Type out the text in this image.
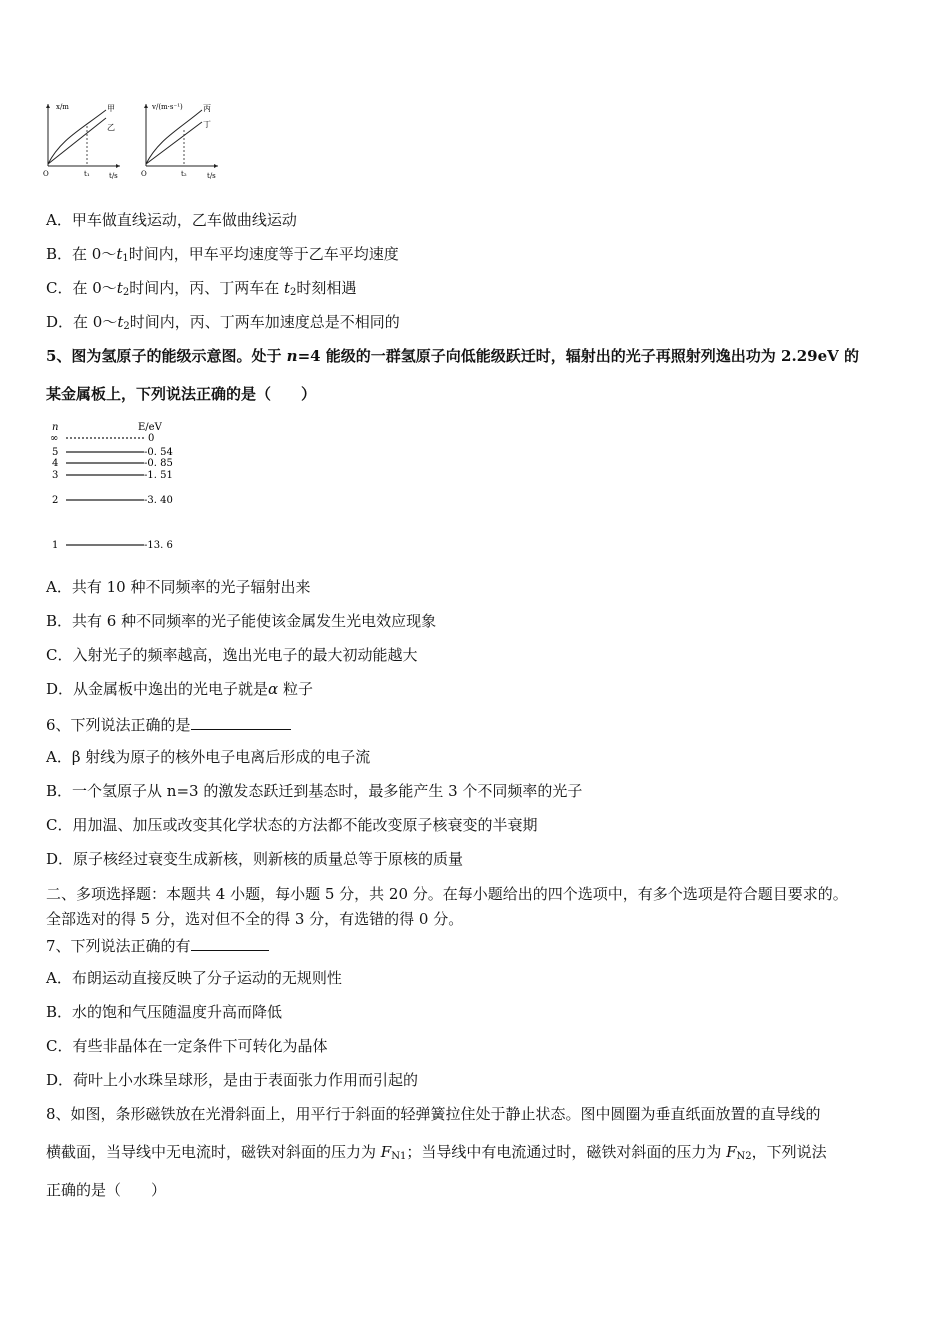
x/m
t/s
O	t₁
甲
乙
v/(m·s⁻¹)
t/s
O	t₂
丙
丁
A．甲车做直线运动，乙车做曲线运动
B．在 $0\sim t_1$时间内，甲车平均速度等于乙车平均速度
C．在 $0\sim t_2$时间内，丙、丁两车在 $t_2$时刻相遇
D．在 $0\sim t_2$时间内，丙、丁两车加速度总是不相同的
5、图为氢原子的能级示意图。处于 n=4 能级的一群氢原子向低能级跃迁时，辐射出的光子再照射列逸出功为 2.29eV 的
某金属板上，下列说法正确的是（　　）
n	E/eV
∞	0
5	-0. 54
4	-0. 85
3	-1. 51
2	-3. 40
1	-13. 6
A．共有 10 种不同频率的光子辐射出来
B．共有 6 种不同频率的光子能使该金属发生光电效应现象
C．入射光子的频率越高，逸出光电子的最大初动能越大
D．从金属板中逸出的光电子就是α 粒子
6、下列说法正确的是
A．β 射线为原子的核外电子电离后形成的电子流
B．一个氢原子从 n=3 的激发态跃迁到基态时，最多能产生 3 个不同频率的光子
C．用加温、加压或改变其化学状态的方法都不能改变原子核衰变的半衰期
D．原子核经过衰变生成新核，则新核的质量总等于原核的质量
二、多项选择题：本题共 4 小题，每小题 5 分，共 20 分。在每小题给出的四个选项中，有多个选项是符合题目要求的。
全部选对的得 5 分，选对但不全的得 3 分，有选错的得 0 分。
7、下列说法正确的有
A．布朗运动直接反映了分子运动的无规则性
B．水的饱和气压随温度升高而降低
C．有些非晶体在一定条件下可转化为晶体
D．荷叶上小水珠呈球形，是由于表面张力作用而引起的
8、如图，条形磁铁放在光滑斜面上，用平行于斜面的轻弹簧拉住处于静止状态。图中圆圈为垂直纸面放置的直导线的
横截面，当导线中无电流时，磁铁对斜面的压力为 $F_{N1}$；当导线中有电流通过时，磁铁对斜面的压力为 $F_{N2}$，下列说法
正确的是（　　）
